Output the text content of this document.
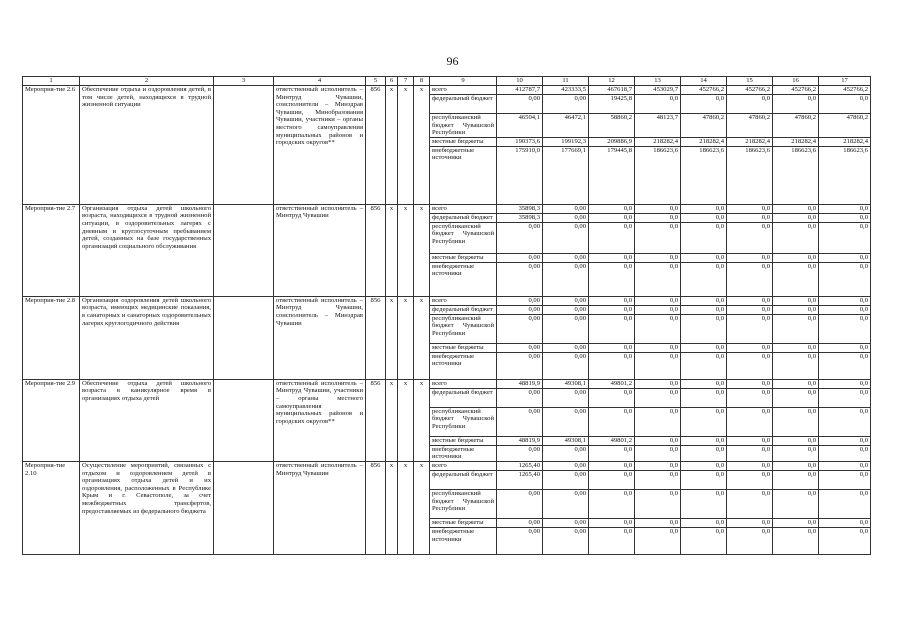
96
1	2	3	4	5	6	7	8	9	10	11	12	13	14	15	16	17
Мероприя-тие 2.6	Обеспечение отдыха и оздоровления детей, в том числе детей, находящихся в трудной жизненной ситуации		ответственный исполнитель – Минтруд Чувашии, соисполнители – Минздрав Чувашии, Минобразования Чувашии, участники – органы местного самоуправления муниципальных районов и городских округов**	856	x	x	x	всего	412787,7	423333,5	467618,7	453029,7	452766,2	452766,2	452766,2	452766,2
								федеральный бюджет	0,00	0,00	19425,8	0,0	0,0	0,0	0,0	0,0
								республиканский бюджет Чувашской Республики	46504,1	46472,1	58860,2	48123,7	47860,2	47860,2	47860,2	47860,2
								местные бюджеты	190373,6	199192,3	209886,9	218282,4	218282,4	218282,4	218282,4	218282,4
								внебюджетные источники	175910,0	177669,1	179445,8	186623,6	186623,6	186623,6	186623,6	186623,6
Мероприя-тие 2.7	Организация отдыха детей школьного возраста, находящихся в трудной жизненной ситуации, в оздоровительных лагерях с дневным и круглосуточным пребыванием детей, созданных на базе государственных организаций социального обслуживания		ответственный исполнитель – Минтруд Чувашии	856	x	x	x	всего	35898,3	0,00	0,0	0,0	0,0	0,0	0,0	0,0
								федеральный бюджет	35898,3	0,00	0,0	0,0	0,0	0,0	0,0	0,0
								республиканский бюджет Чувашской Республики	0,00	0,00	0,0	0,0	0,0	0,0	0,0	0,0
								местные бюджеты	0,00	0,00	0,0	0,0	0,0	0,0	0,0	0,0
								внебюджетные источники	0,00	0,00	0,0	0,0	0,0	0,0	0,0	0,0
Мероприя-тие 2.8	Организация оздоровления детей школьного возраста, имеющих медицинские показания, в санаторных и санаторных оздоровительных лагерях круглогодичного действия		ответственный исполнитель – Минтруд Чувашии, соисполнитель – Минздрав Чувашии	856	x	x	x	всего	0,00	0,00	0,0	0,0	0,0	0,0	0,0	0,0
								федеральный бюджет	0,00	0,00	0,0	0,0	0,0	0,0	0,0	0,0
								республиканский бюджет Чувашской Республики	0,00	0,00	0,0	0,0	0,0	0,0	0,0	0,0
								местные бюджеты	0,00	0,00	0,0	0,0	0,0	0,0	0,0	0,0
								внебюджетные источники	0,00	0,00	0,0	0,0	0,0	0,0	0,0	0,0
Мероприя-тие 2.9	Обеспечение отдыха детей школьного возраста в каникулярное время в организациях отдыха детей		ответственный исполнитель – Минтруд Чувашии, участники – органы местного самоуправления муниципальных районов и городских округов**	856	x	x	x	всего	48819,9	49308,1	49801,2	0,0	0,0	0,0	0,0	0,0
								федеральный бюджет	0,00	0,00	0,0	0,0	0,0	0,0	0,0	0,0
								республиканский бюджет Чувашской Республики	0,00	0,00	0,0	0,0	0,0	0,0	0,0	0,0
								местные бюджеты	48819,9	49308,1	49801,2	0,0	0,0	0,0	0,0	0,0
								внебюджетные источники	0,00	0,00	0,0	0,0	0,0	0,0	0,0	0,0
Мероприя-тие 2.10	Осуществление мероприятий, связанных с отдыхом и оздоровлением детей в организациях отдыха детей и их оздоровления, расположенных в Республике Крым и г. Севастополе, за счет межбюджетных трансфертов, предоставляемых из федерального бюджета		ответственный исполнитель – Минтруд Чувашии	856	x	x	x	всего	1265,40	0,00	0,0	0,0	0,0	0,0	0,0	0,0
								федеральный бюджет	1265,40	0,00	0,0	0,0	0,0	0,0	0,0	0,0
								республиканский бюджет Чувашской Республики	0,00	0,00	0,0	0,0	0,0	0,0	0,0	0,0
								местные бюджеты	0,00	0,00	0,0	0,0	0,0	0,0	0,0	0,0
								внебюджетные источники	0,00	0,00	0,0	0,0	0,0	0,0	0,0	0,0
